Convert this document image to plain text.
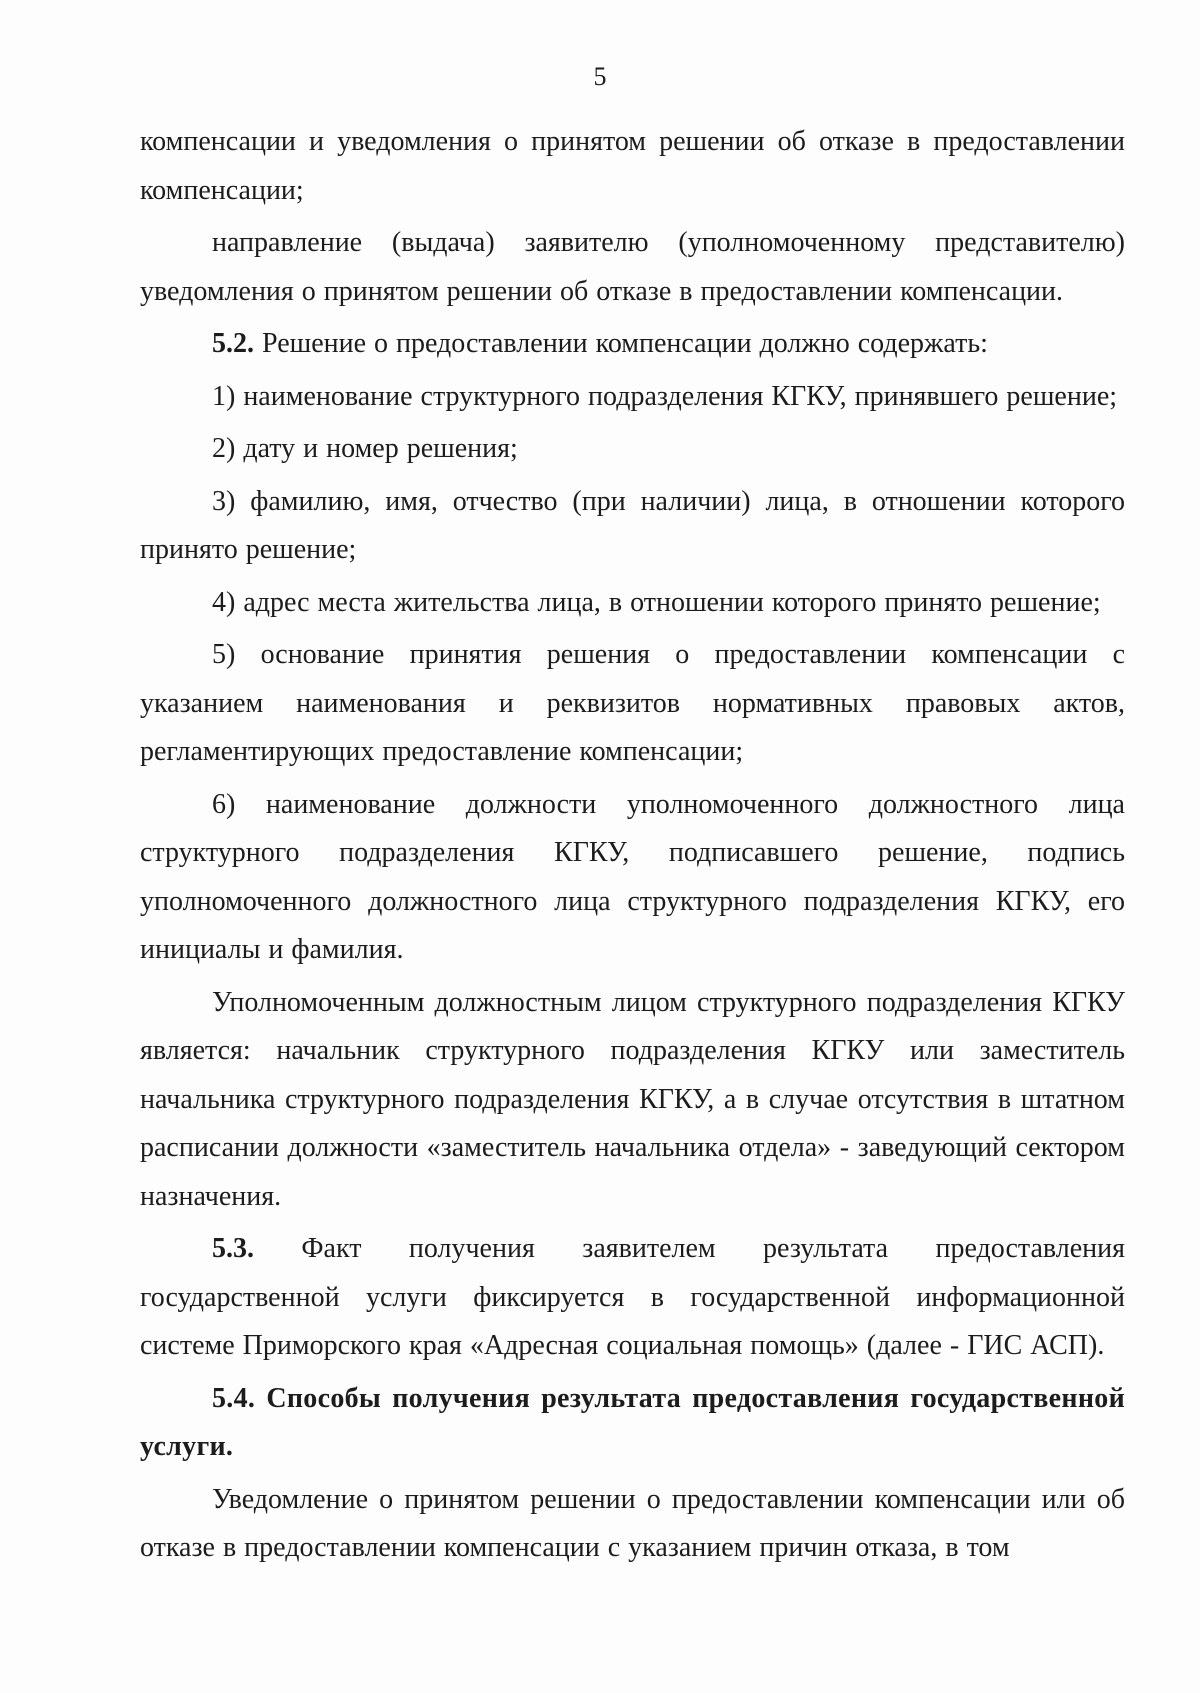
5

компенсации и уведомления о принятом решении об отказе в предоставлении компенсации;

направление (выдача) заявителю (уполномоченному представителю) уведомления о принятом решении об отказе в предоставлении компенсации.

5.2. Решение о предоставлении компенсации должно содержать:

1) наименование структурного подразделения КГКУ, принявшего решение;

2) дату и номер решения;

3) фамилию, имя, отчество (при наличии) лица, в отношении которого принято решение;

4) адрес места жительства лица, в отношении которого принято решение;

5) основание принятия решения о предоставлении компенсации с указанием наименования и реквизитов нормативных правовых актов, регламентирующих предоставление компенсации;

6) наименование должности уполномоченного должностного лица структурного подразделения КГКУ, подписавшего решение, подпись уполномоченного должностного лица структурного подразделения КГКУ, его инициалы и фамилия.

Уполномоченным должностным лицом структурного подразделения КГКУ является: начальник структурного подразделения КГКУ или заместитель начальника структурного подразделения КГКУ, а в случае отсутствия в штатном расписании должности «заместитель начальника отдела» - заведующий сектором назначения.

5.3. Факт получения заявителем результата предоставления государственной услуги фиксируется в государственной информационной системе Приморского края «Адресная социальная помощь» (далее - ГИС АСП).

5.4. Способы получения результата предоставления государственной услуги.

Уведомление о принятом решении о предоставлении компенсации или об отказе в предоставлении компенсации с указанием причин отказа, в том
